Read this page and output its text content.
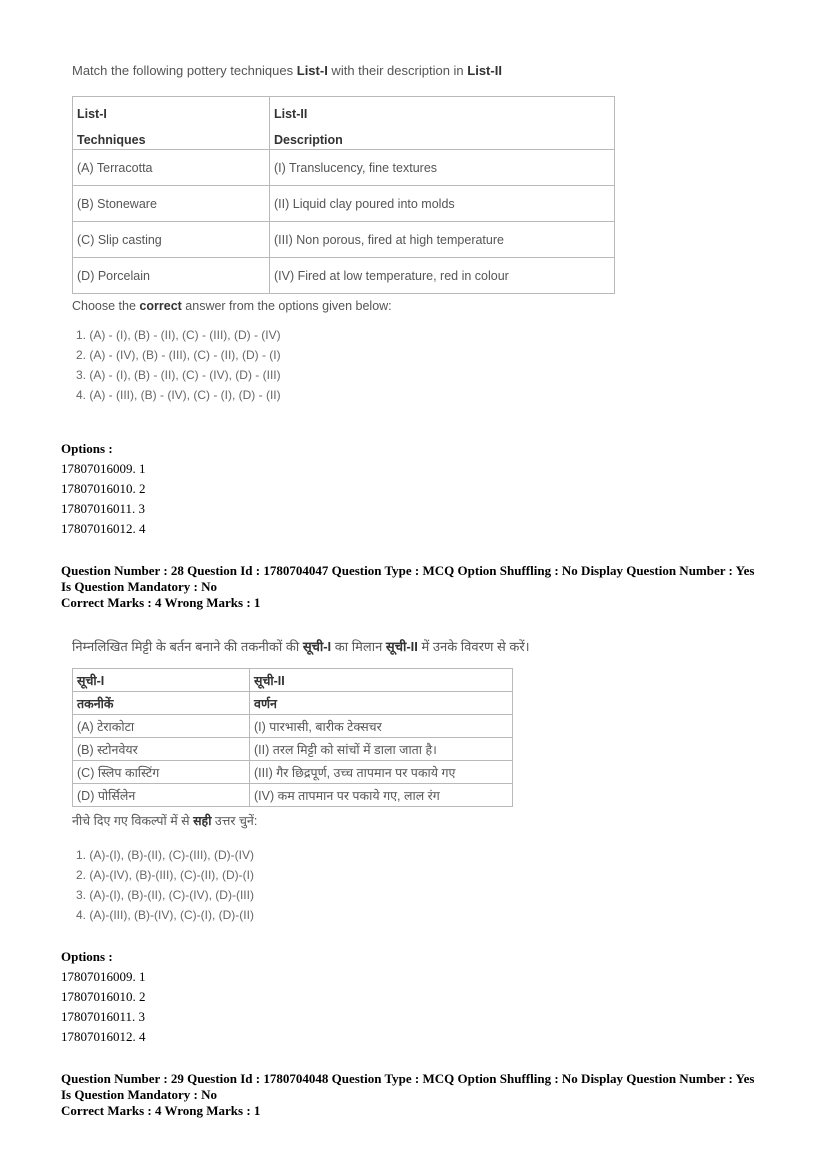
Match the following pottery techniques List-I with their description in List-II

List-I	List-II
Techniques	Description
(A) Terracotta	(I) Translucency, fine textures
(B) Stoneware	(II) Liquid clay poured into molds
(C) Slip casting	(III) Non porous, fired at high temperature
(D) Porcelain	(IV) Fired at low temperature, red in colour

Choose the correct answer from the options given below:

1. (A) - (I), (B) - (II), (C) - (III), (D) - (IV)
2. (A) - (IV), (B) - (III), (C) - (II), (D) - (I)
3. (A) - (I), (B) - (II), (C) - (IV), (D) - (III)
4. (A) - (III), (B) - (IV), (C) - (I), (D) - (II)
Options :
17807016009. 1
17807016010. 2
17807016011. 3
17807016012. 4
Question Number : 28 Question Id : 1780704047 Question Type : MCQ Option Shuffling : No Display Question Number : Yes
Is Question Mandatory : No
Correct Marks : 4 Wrong Marks : 1

निम्नलिखित मिट्टी के बर्तन बनाने की तकनीकों की सूची-I का मिलान सूची-II में उनके विवरण से करें।

सूची-I	सूची-II
तकनीकें	वर्णन
(A) टेराकोटा	(I) पारभासी, बारीक टेक्सचर
(B) स्टोनवेयर	(II) तरल मिट्टी को सांचों में डाला जाता है।
(C) स्लिप कास्टिंग	(III) गैर छिद्रपूर्ण, उच्च तापमान पर पकाये गए
(D) पोर्सिलेन	(IV) कम तापमान पर पकाये गए, लाल रंग

नीचे दिए गए विकल्पों में से सही उत्तर चुनें:

1. (A)-(I), (B)-(II), (C)-(III), (D)-(IV)
2. (A)-(IV), (B)-(III), (C)-(II), (D)-(I)
3. (A)-(I), (B)-(II), (C)-(IV), (D)-(III)
4. (A)-(III), (B)-(IV), (C)-(I), (D)-(II)
Options :
17807016009. 1
17807016010. 2
17807016011. 3
17807016012. 4
Question Number : 29 Question Id : 1780704048 Question Type : MCQ Option Shuffling : No Display Question Number : Yes
Is Question Mandatory : No
Correct Marks : 4 Wrong Marks : 1
